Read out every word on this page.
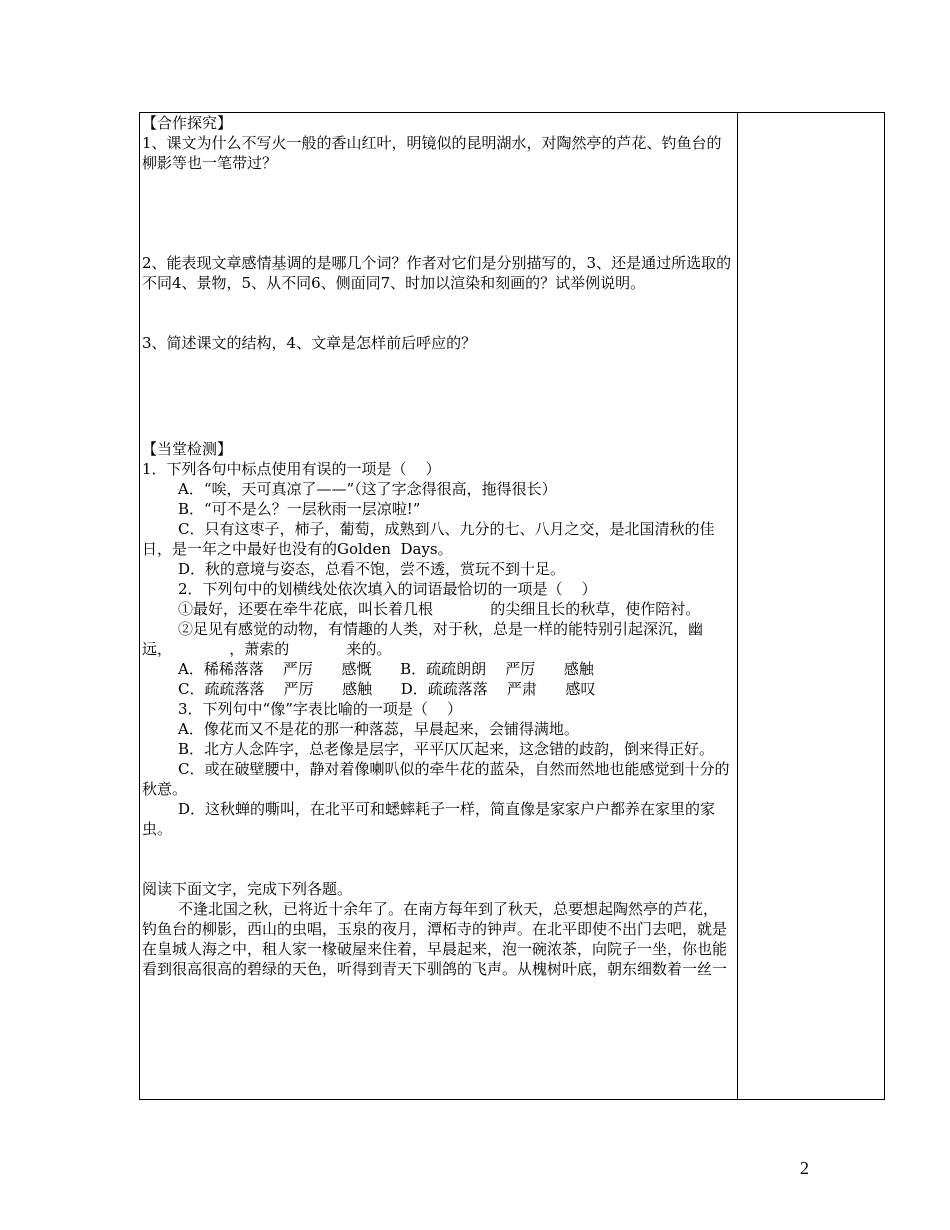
【合作探究】

1、课文为什么不写火一般的香山红叶，明镜似的昆明湖水，对陶然亭的芦花、钓鱼台的柳影等也一笔带过？

2、能表现文章感情基调的是哪几个词？作者对它们是分别描写的，3、还是通过所选取的不同4、景物，5、从不同6、侧面同7、时加以渲染和刻画的？试举例说明。

3、简述课文的结构，4、文章是怎样前后呼应的？

【当堂检测】

1．下列各句中标点使用有误的一项是（    ）

A．“唉，天可真凉了——”（这了字念得很高，拖得很长）

B．“可不是么？一层秋雨一层凉啦!”

C．只有这枣子，柿子，葡萄，成熟到八、九分的七、八月之交，是北国清秋的佳日，是一年之中最好也没有的Golden  Days。

D．秋的意境与姿态，总看不饱，尝不透，赏玩不到十足。

2．下列句中的划横线处依次填入的词语最恰切的一项是（    ）

①最好，还要在牵牛花底，叫长着几根            的尖细且长的秋草，使作陪衬。

②足见有感觉的动物，有情趣的人类，对于秋，总是一样的能特别引起深沉，幽远，            ，萧索的            来的。

A．稀稀落落    严厉      感慨      B．疏疏朗朗    严厉      感触

C．疏疏落落    严厉      感触      D．疏疏落落    严肃      感叹

3．下列句中“像”字表比喻的一项是（    ）

A．像花而又不是花的那一种落蕊，早晨起来，会铺得满地。

B．北方人念阵字，总老像是层字，平平仄仄起来，这念错的歧韵，倒来得正好。

C．或在破壁腰中，静对着像喇叭似的牵牛花的蓝朵，自然而然地也能感觉到十分的秋意。

D．这秋蝉的嘶叫，在北平可和蟋蟀耗子一样，简直像是家家户户都养在家里的家虫。

阅读下面文字，完成下列各题。

不逢北国之秋，已将近十余年了。在南方每年到了秋天，总要想起陶然亭的芦花，钓鱼台的柳影，西山的虫唱，玉泉的夜月，潭柘寺的钟声。在北平即使不出门去吧，就是在皇城人海之中，租人家一椽破屋来住着，早晨起来，泡一碗浓茶，向院子一坐，你也能看到很高很高的碧绿的天色，听得到青天下驯鸽的飞声。从槐树叶底，朝东细数着一丝一

2
